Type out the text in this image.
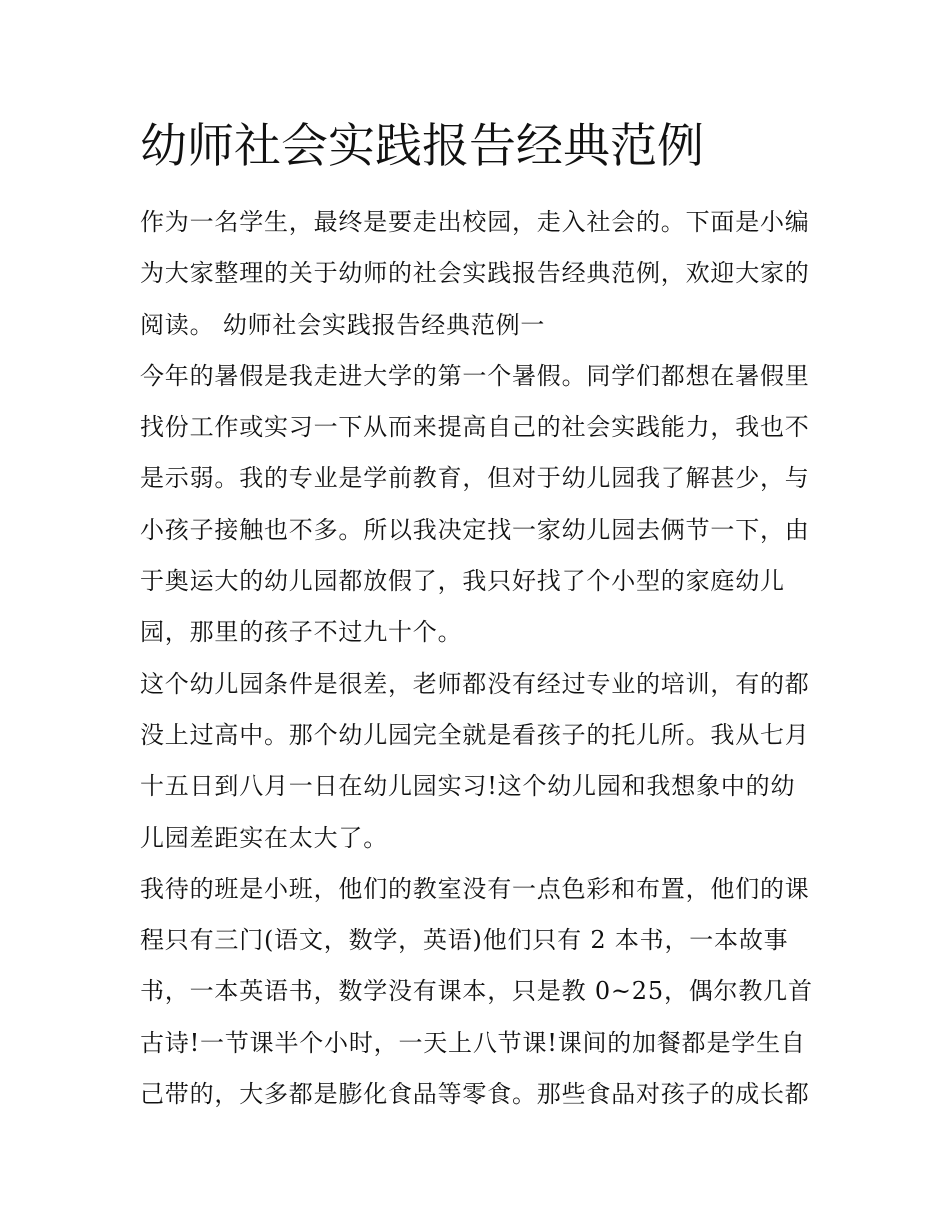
幼师社会实践报告经典范例
作为一名学生，最终是要走出校园，走入社会的。下面是小编
为大家整理的关于幼师的社会实践报告经典范例，欢迎大家的
阅读。 幼师社会实践报告经典范例一
今年的暑假是我走进大学的第一个暑假。同学们都想在暑假里
找份工作或实习一下从而来提高自己的社会实践能力，我也不
是示弱。我的专业是学前教育，但对于幼儿园我了解甚少，与
小孩子接触也不多。所以我决定找一家幼儿园去俩节一下，由
于奥运大的幼儿园都放假了，我只好找了个小型的家庭幼儿
园，那里的孩子不过九十个。
这个幼儿园条件是很差，老师都没有经过专业的培训，有的都
没上过高中。那个幼儿园完全就是看孩子的托儿所。我从七月
十五日到八月一日在幼儿园实习!这个幼儿园和我想象中的幼
儿园差距实在太大了。
我待的班是小班，他们的教室没有一点色彩和布置，他们的课
程只有三门(语文，数学，英语)他们只有 2 本书，一本故事
书，一本英语书，数学没有课本，只是教 0~25，偶尔教几首
古诗!一节课半个小时，一天上八节课!课间的加餐都是学生自
己带的，大多都是膨化食品等零食。那些食品对孩子的成长都
